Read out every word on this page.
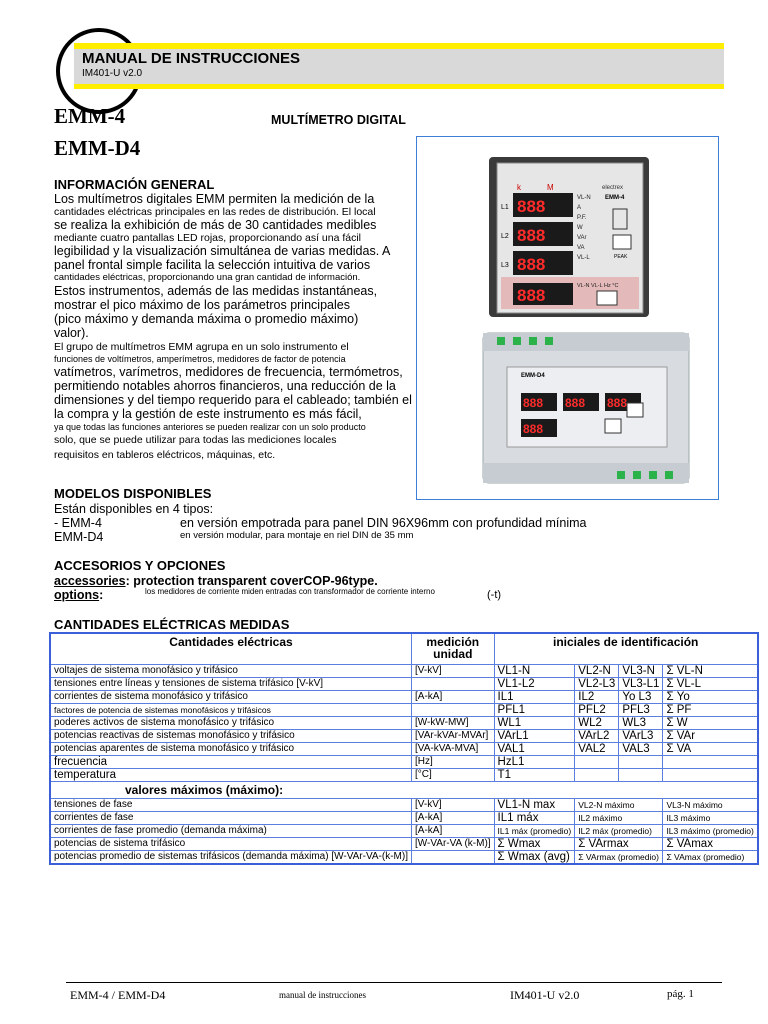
MANUAL DE INSTRUCCIONES
IM401-U v2.0
EMM-4
EMM-D4
MULTÍMETRO DIGITAL
INFORMACIÓN GENERAL
Los multímetros digitales EMM permiten la medición de la
cantidades eléctricas principales en las redes de distribución. El local
se realiza la exhibición de más de 30 cantidades medibles
mediante cuatro pantallas LED rojas, proporcionando así una fácil
legibilidad y la visualización simultánea de varias medidas. A
panel frontal simple facilita la selección intuitiva de varios
cantidades eléctricas, proporcionando una gran cantidad de información.
Estos instrumentos, además de las medidas instantáneas,
mostrar el pico máximo de los parámetros principales
(pico máximo y demanda máxima o promedio máximo)
valor).
El grupo de multímetros EMM agrupa en un solo instrumento el
funciones de voltímetros, amperímetros, medidores de factor de potencia
vatímetros, varímetros, medidores de frecuencia, termómetros,
permitiendo notables ahorros financieros, una reducción de la
dimensiones y del tiempo requerido para el cableado; también el
la compra y la gestión de este instrumento es más fácil,
ya que todas las funciones anteriores se pueden realizar con un solo producto
solo, que se puede utilizar para todas las mediciones locales
requisitos en tableros eléctricos, máquinas, etc.
k	M	electrex
EMM-4
888
888
888
L1
L2
L3
VL-N
A
P.F.
W
VAr
VA
VL-L	PEAK
888	VL-N VL-L Hz °C
EMM-D4
888 888 888
888
MODELOS DISPONIBLES
Están disponibles en 4 tipos:
- EMM-4	en versión empotrada para panel DIN 96X96mm con profundidad mínima
EMM-D4	en versión modular, para montaje en riel DIN de 35 mm
ACCESORIOS Y OPCIONES
accessories: protection transparent coverCOP-96type.
options:	los medidores de corriente miden entradas con transformador de corriente interno	(-t)
CANTIDADES ELÉCTRICAS MEDIDAS
Cantidades eléctricas	medición
unidad	iniciales de identificación			
voltajes de sistema monofásico y trifásico	[V-kV]	VL1-N	VL2-N	VL3-N	Σ VL-N
tensiones entre líneas y tensiones de sistema trifásico [V-kV]		VL1-L2	VL2-L3	VL3-L1	Σ VL-L
corrientes de sistema monofásico y trifásico	[A-kA]	IL1	IL2	Yo L3	Σ Yo
factores de potencia de sistemas monofásicos y trifásicos		PFL1	PFL2	PFL3	Σ PF
poderes activos de sistema monofásico y trifásico	[W-kW-MW]	WL1	WL2	WL3	Σ W
potencias reactivas de sistemas monofásico y trifásico	[VAr-kVAr-MVAr]	VArL1	VArL2	VArL3	Σ VAr
potencias aparentes de sistema monofásico y trifásico	[VA-kVA-MVA]	VAL1	VAL2	VAL3	Σ VA
frecuencia	[Hz]	HzL1			
temperatura	[°C]	T1			
valores máximos (máximo):					
tensiones de fase	[V-kV]	VL1-N max	VL2-N máximo		VL3-N máximo
corrientes de fase	[A-kA]	IL1 máx	IL2 máximo		IL3 máximo
corrientes de fase promedio (demanda máxima)	[A-kA]	IL1 máx (promedio)	IL2 máx (promedio)		IL3 máximo (promedio)
potencias de sistema trifásico	[W-VAr-VA (k-M)]	Σ Wmax	Σ VArmax		Σ VAmax
potencias promedio de sistemas trifásicos (demanda máxima) [W-VAr-VA-(k-M)]		Σ Wmax (avg)	Σ VArmax (promedio)		Σ VAmax (promedio)
EMM-4 / EMM-D4	manual de instrucciones	IM401-U v2.0	pág. 1
